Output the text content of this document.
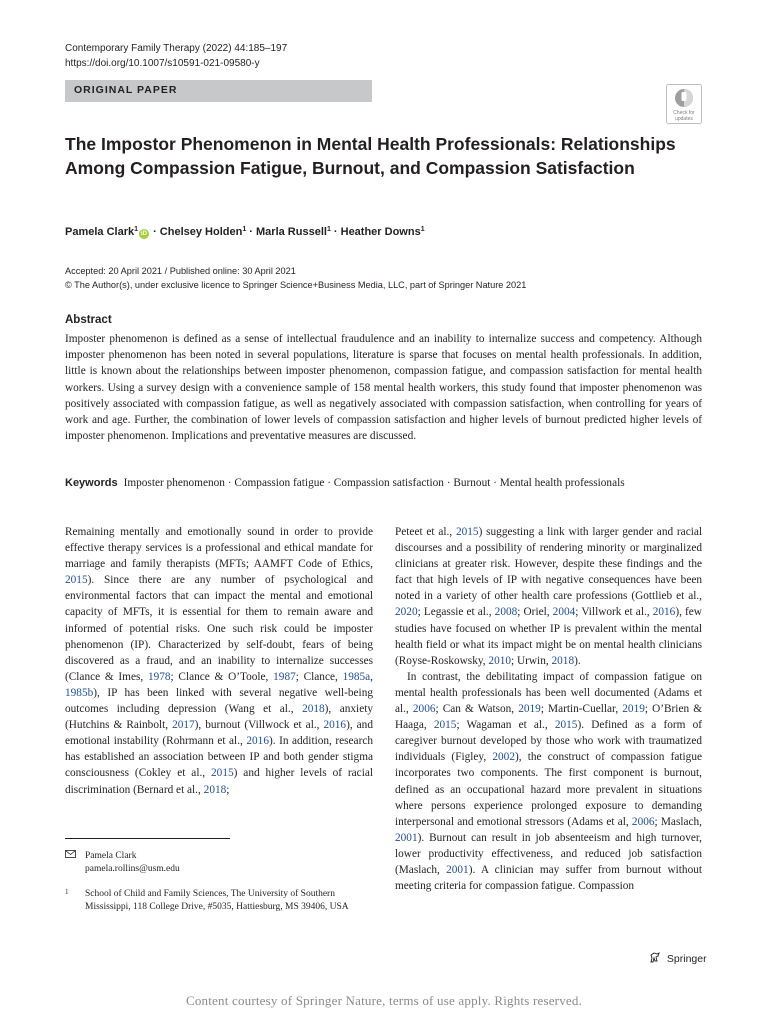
Contemporary Family Therapy (2022) 44:185–197
https://doi.org/10.1007/s10591-021-09580-y
ORIGINAL PAPER
Check for
updates
The Impostor Phenomenon in Mental Health Professionals: Relationships Among Compassion Fatigue, Burnout, and Compassion Satisfaction
Pamela Clark$^1$iD · Chelsey Holden$^1$ · Marla Russell$^1$ · Heather Downs$^1$
Accepted: 20 April 2021 / Published online: 30 April 2021
© The Author(s), under exclusive licence to Springer Science+Business Media, LLC, part of Springer Nature 2021
Abstract
Imposter phenomenon is defined as a sense of intellectual fraudulence and an inability to internalize success and competency. Although imposter phenomenon has been noted in several populations, literature is sparse that focuses on mental health professionals. In addition, little is known about the relationships between imposter phenomenon, compassion fatigue, and compassion satisfaction for mental health workers. Using a survey design with a convenience sample of 158 mental health workers, this study found that imposter phenomenon was positively associated with compassion fatigue, as well as negatively associated with compassion satisfaction, when controlling for years of work and age. Further, the combination of lower levels of compassion satisfaction and higher levels of burnout predicted higher levels of imposter phenomenon. Implications and preventative measures are discussed.
Keywords Imposter phenomenon · Compassion fatigue · Compassion satisfaction · Burnout · Mental health professionals

Remaining mentally and emotionally sound in order to provide effective therapy services is a professional and ethical mandate for marriage and family therapists (MFTs; AAMFT Code of Ethics, 2015). Since there are any number of psychological and environmental factors that can impact the mental and emotional capacity of MFTs, it is essential for them to remain aware and informed of potential risks. One such risk could be imposter phenomenon (IP). Characterized by self-doubt, fears of being discovered as a fraud, and an inability to internalize successes (Clance & Imes, 1978; Clance & O’Toole, 1987; Clance, 1985a, 1985b), IP has been linked with several negative well-being outcomes including depression (Wang et al., 2018), anxiety (Hutchins & Rainbolt, 2017), burnout (Villwock et al., 2016), and emotional instability (Rohrmann et al., 2016). In addition, research has established an association between IP and both gender stigma consciousness (Cokley et al., 2015) and higher levels of racial discrimination (Bernard et al., 2018;

Peteet et al., 2015) suggesting a link with larger gender and racial discourses and a possibility of rendering minority or marginalized clinicians at greater risk. However, despite these findings and the fact that high levels of IP with negative consequences have been noted in a variety of other health care professions (Gottlieb et al., 2020; Legassie et al., 2008; Oriel, 2004; Villwork et al., 2016), few studies have focused on whether IP is prevalent within the mental health field or what its impact might be on mental health clinicians (Royse-Roskowsky, 2010; Urwin, 2018).

In contrast, the debilitating impact of compassion fatigue on mental health professionals has been well documented (Adams et al., 2006; Can & Watson, 2019; Martin-Cuellar, 2019; O’Brien & Haaga, 2015; Wagaman et al., 2015). Defined as a form of caregiver burnout developed by those who work with traumatized individuals (Figley, 2002), the construct of compassion fatigue incorporates two components. The first component is burnout, defined as an occupational hazard more prevalent in situations where persons experience prolonged exposure to demanding interpersonal and emotional stressors (Adams et al, 2006; Maslach, 2001). Burnout can result in job absenteeism and high turnover, lower productivity effectiveness, and reduced job satisfaction (Maslach, 2001). A clinician may suffer from burnout without meeting criteria for compassion fatigue. Compassion

Pamela Clark
pamela.rollins@usm.edu
1	School of Child and Family Sciences, The University of Southern Mississippi, 118 College Drive, #5035, Hattiesburg, MS 39406, USA
Springer
Content courtesy of Springer Nature, terms of use apply. Rights reserved.
